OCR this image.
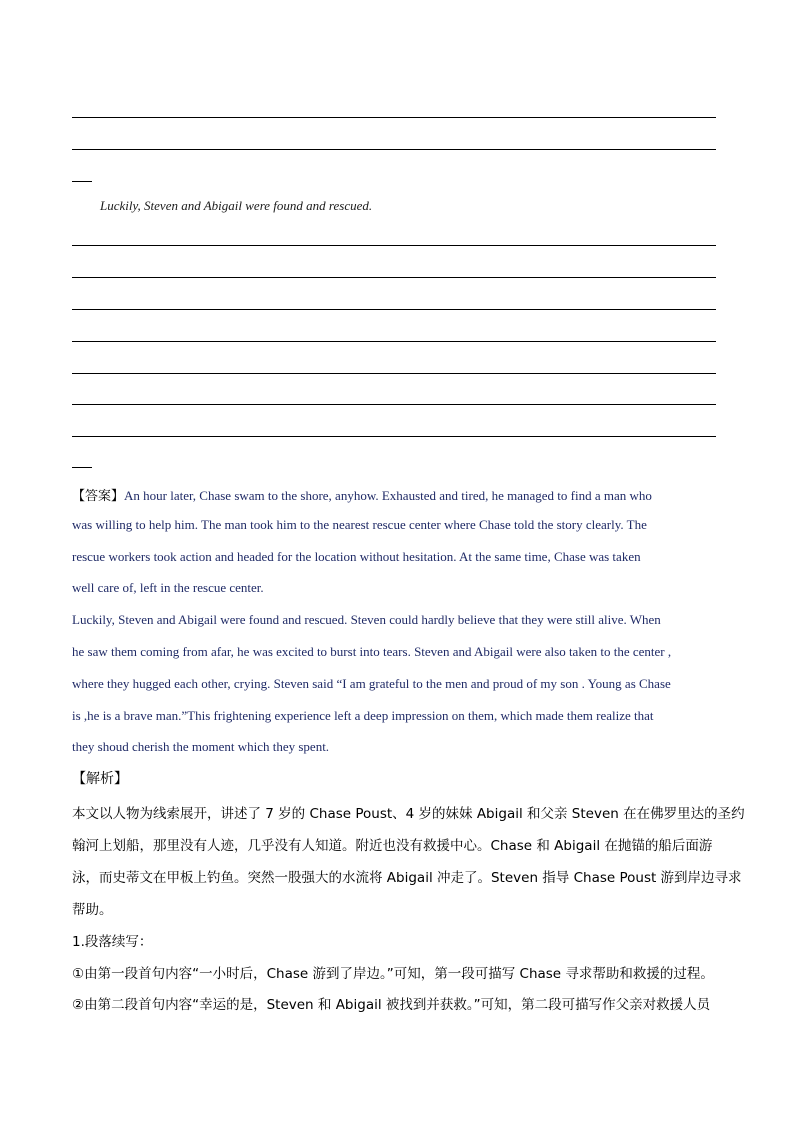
Luckily, Steven and Abigail were found and rescued.
【答案】An hour later, Chase swam to the shore, anyhow. Exhausted and tired, he managed to find a man who
was willing to help him. The man took him to the nearest rescue center where Chase told the story clearly. The
rescue workers took action and headed for the location without hesitation. At the same time, Chase was taken
well care of, left in the rescue center.
Luckily, Steven and Abigail were found and rescued. Steven could hardly believe that they were still alive. When
he saw them coming from afar, he was excited to burst into tears. Steven and Abigail were also taken to the center ,
where they hugged each other, crying. Steven said “I am grateful to the men and proud of my son . Young as Chase
is ,he is a brave man.”This frightening experience left a deep impression on them, which made them realize that
they shoud cherish the moment which they spent.
【解析】
本文以人物为线索展开，讲述了 7 岁的 Chase Poust、4 岁的妹妹 Abigail 和父亲 Steven 在在佛罗里达的圣约
翰河上划船，那里没有人迹，几乎没有人知道。附近也没有救援中心。Chase 和 Abigail 在抛锚的船后面游
泳，而史蒂文在甲板上钓鱼。突然一股强大的水流将 Abigail 冲走了。Steven 指导 Chase Poust 游到岸边寻求
帮助。
1.段落续写：
①由第一段首句内容“一小时后，Chase 游到了岸边。”可知，第一段可描写 Chase 寻求帮助和救援的过程。
②由第二段首句内容“幸运的是，Steven 和 Abigail 被找到并获救。”可知，第二段可描写作父亲对救援人员
